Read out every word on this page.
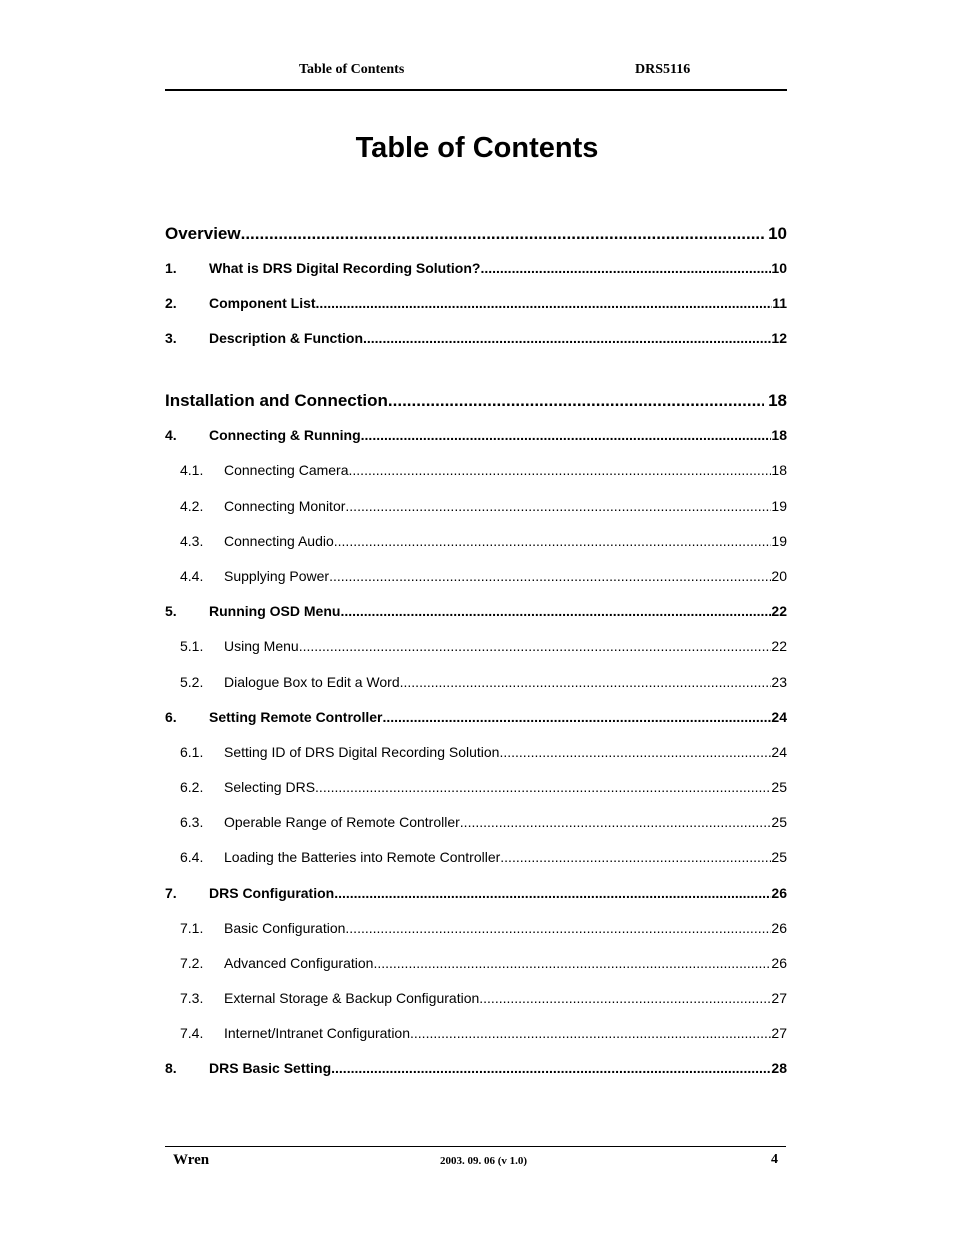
Table of Contents	DRS5116
Table of Contents
Overview .....	10
1.	What is DRS Digital Recording Solution? .....	10
2.	Component List .....	11
3.	Description & Function .....	12
Installation and Connection .....	18
4.	Connecting & Running .....	18
4.1.	Connecting Camera .....	18
4.2.	Connecting Monitor .....	19
4.3.	Connecting Audio .....	19
4.4.	Supplying Power .....	20
5.	Running OSD Menu .....	22
5.1.	Using Menu .....	22
5.2.	Dialogue Box to Edit a Word .....	23
6.	Setting Remote Controller .....	24
6.1.	Setting ID of DRS Digital Recording Solution .....	24
6.2.	Selecting DRS .....	25
6.3.	Operable Range of Remote Controller .....	25
6.4.	Loading the Batteries into Remote Controller .....	25
7.	DRS Configuration .....	26
7.1.	Basic Configuration .....	26
7.2.	Advanced Configuration .....	26
7.3.	External Storage & Backup Configuration .....	27
7.4.	Internet/Intranet Configuration .....	27
8.	DRS Basic Setting .....	28
Wren	2003. 09. 06 (v 1.0)	4
